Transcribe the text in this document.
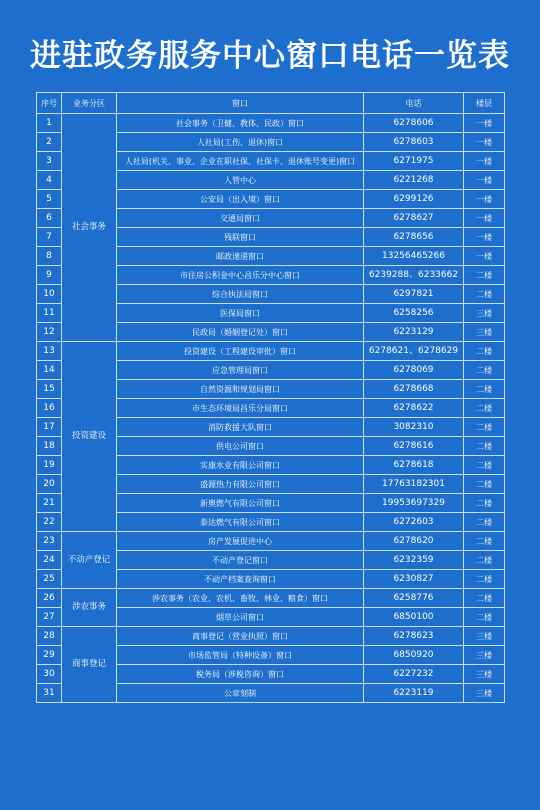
进驻政务服务中心窗口电话一览表
序号	业务分区	窗口	电话	楼层
1	社会事务	社会事务（卫健、教体、民政）窗口	6278606	一楼
2		人社局(工伤、退休)窗口	6278603	一楼
3		人社局(机关、事业、企业在职社保、社保卡、退休账号变更)窗口	6271975	一楼
4		人管中心	6221268	一楼
5		公安局（出入境）窗口	6299126	一楼
6		交通局窗口	6278627	一楼
7		残联窗口	6278656	一楼
8		邮政速递窗口	13256465266	一楼
9		市住房公积金中心昌乐分中心窗口	6239288、6233662	二楼
10		综合执法局窗口	6297821	二楼
11		医保局窗口	6258256	三楼
12		民政局（婚姻登记处）窗口	6223129	三楼
13	投资建设	投资建设（工程建设审批）窗口	6278621、6278629	二楼
14		应急管理局窗口	6278069	二楼
15		自然资源和规划局窗口	6278668	二楼
16		市生态环境局昌乐分局窗口	6278622	二楼
17		消防救援大队窗口	3082310	二楼
18		供电公司窗口	6278616	二楼
19		实康水业有限公司窗口	6278618	二楼
20		盛源热力有限公司窗口	17763182301	二楼
21		新奥燃气有限公司窗口	19953697329	二楼
22		泰达燃气有限公司窗口	6272603	二楼
23	不动产登记	房产发展促进中心	6278620	二楼
24		不动产登记窗口	6232359	二楼
25		不动产档案查询窗口	6230827	二楼
26	涉农事务	涉农事务（农业、农机、畜牧、林业、粮食）窗口	6258776	二楼
27		烟草公司窗口	6850100	二楼
28	商事登记	商事登记（营业执照）窗口	6278623	三楼
29		市场监管局（特种设备）窗口	6850920	三楼
30		税务局（涉税咨询）窗口	6227232	三楼
31		公章刻制	6223119	三楼
